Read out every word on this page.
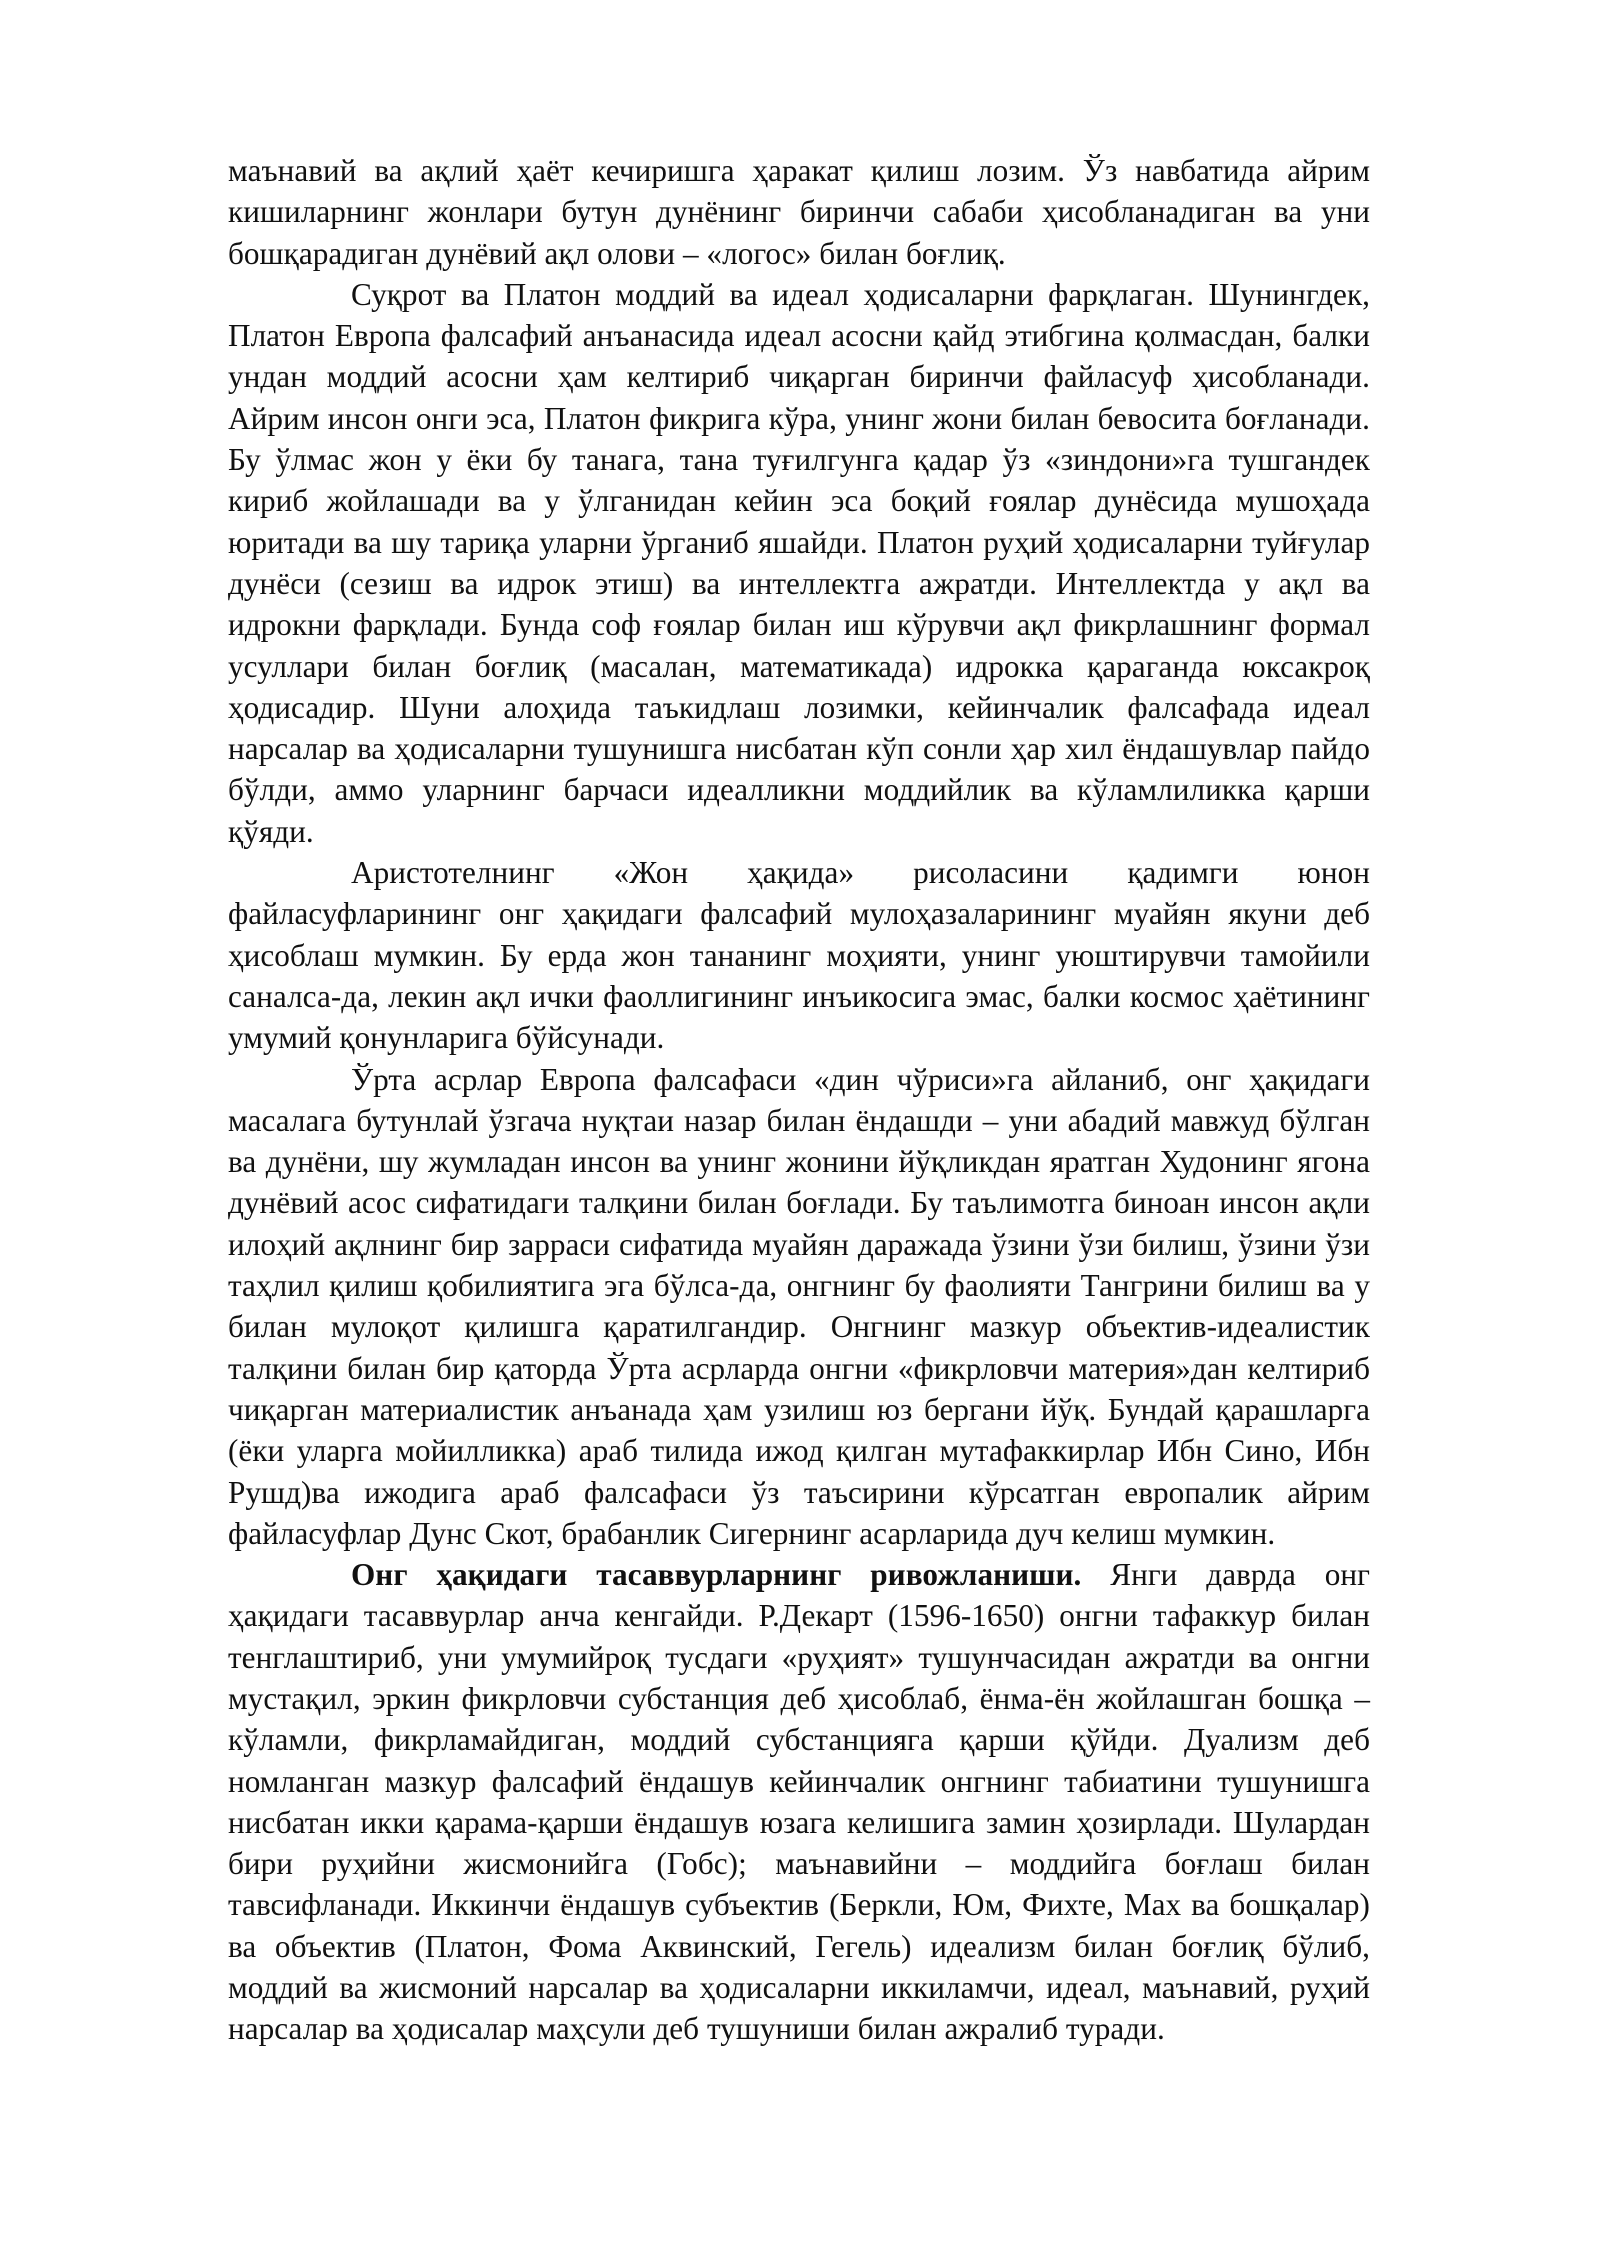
маънавий ва ақлий ҳаёт кечиришга ҳаракат қилиш лозим. Ўз навбатида айрим кишиларнинг жонлари бутун дунёнинг биринчи сабаби ҳисобланадиган ва уни бошқарадиган дунёвий ақл олови – «логос» билан боғлиқ.

Суқрот ва Платон моддий ва идеал ҳодисаларни фарқлаган. Шунингдек, Платон Европа фалсафий анъанасида идеал асосни қайд этибгина қолмасдан, балки ундан моддий асосни ҳам келтириб чиқарган биринчи файласуф ҳисобланади. Айрим инсон онги эса, Платон фикрига кўра, унинг жони билан бевосита боғланади. Бу ўлмас жон у ёки бу танага, тана туғилгунга қадар ўз «зиндони»га тушгандек кириб жойлашади ва у ўлганидан кейин эса боқий ғоялар дунёсида мушоҳада юритади ва шу тариқа уларни ўрганиб яшайди. Платон руҳий ҳодисаларни туйғулар дунёси (сезиш ва идрок этиш) ва интеллектга ажратди. Интеллектда у ақл ва идрокни фарқлади. Бунда соф ғоялар билан иш кўрувчи ақл фикрлашнинг формал усуллари билан боғлиқ (масалан, математикада) идрокка қараганда юксакроқ ҳодисадир. Шуни алоҳида таъкидлаш лозимки, кейинчалик фалсафада идеал нарсалар ва ҳодисаларни тушунишга нисбатан кўп сонли ҳар хил ёндашувлар пайдо бўлди, аммо уларнинг барчаси идеалликни моддийлик ва кўламлиликка қарши қўяди.

Аристотелнинг «Жон ҳақида» рисоласини қадимги юнон файласуфларининг онг ҳақидаги фалсафий мулоҳазаларининг муайян якуни деб ҳисоблаш мумкин. Бу ерда жон тананинг моҳияти, унинг уюштирувчи тамойили саналса-да, лекин ақл ички фаоллигининг инъикосига эмас, балки космос ҳаётининг умумий қонунларига бўйсунади.

Ўрта асрлар Европа фалсафаси «дин чўриси»га айланиб, онг ҳақидаги масалага бутунлай ўзгача нуқтаи назар билан ёндашди – уни абадий мавжуд бўлган ва дунёни, шу жумладан инсон ва унинг жонини йўқликдан яратган Худонинг ягона дунёвий асос сифатидаги талқини билан боғлади. Бу таълимотга биноан инсон ақли илоҳий ақлнинг бир зарраси сифатида муайян даражада ўзини ўзи билиш, ўзини ўзи таҳлил қилиш қобилиятига эга бўлса-да, онгнинг бу фаолияти Тангрини билиш ва у билан мулоқот қилишга қаратилгандир. Онгнинг мазкур объектив-идеалистик талқини билан бир қаторда Ўрта асрларда онгни «фикрловчи материя»дан келтириб чиқарган материалистик анъанада ҳам узилиш юз бергани йўқ. Бундай қарашларга (ёки уларга мойилликка) араб тилида ижод қилган мутафаккирлар Ибн Сино, Ибн Рушд)ва ижодига араб фалсафаси ўз таъсирини кўрсатган европалик айрим файласуфлар Дунс Скот, брабанлик Сигернинг асарларида дуч келиш мумкин.

Онг ҳақидаги тасаввурларнинг ривожланиши. Янги даврда онг ҳақидаги тасаввурлар анча кенгайди. Р.Декарт (1596-1650) онгни тафаккур билан тенглаштириб, уни умумийроқ тусдаги «руҳият» тушунчасидан ажратди ва онгни мустақил, эркин фикрловчи субстанция деб ҳисоблаб, ёнма-ён жойлашган бошқа – кўламли, фикрламайдиган, моддий субстанцияга қарши қўйди. Дуализм деб номланган мазкур фалсафий ёндашув кейинчалик онгнинг табиатини тушунишга нисбатан икки қарама-қарши ёндашув юзага келишига замин ҳозирлади. Шулардан бири руҳийни жисмонийга (Гобс); маънавийни – моддийга боғлаш билан тавсифланади. Иккинчи ёндашув субъектив (Беркли, Юм, Фихте, Мах ва бошқалар) ва объектив (Платон, Фома Аквинский, Гегель) идеализм билан боғлиқ бўлиб, моддий ва жисмоний нарсалар ва ҳодисаларни иккиламчи, идеал, маънавий, руҳий нарсалар ва ҳодисалар маҳсули деб тушуниши билан ажралиб туради.
